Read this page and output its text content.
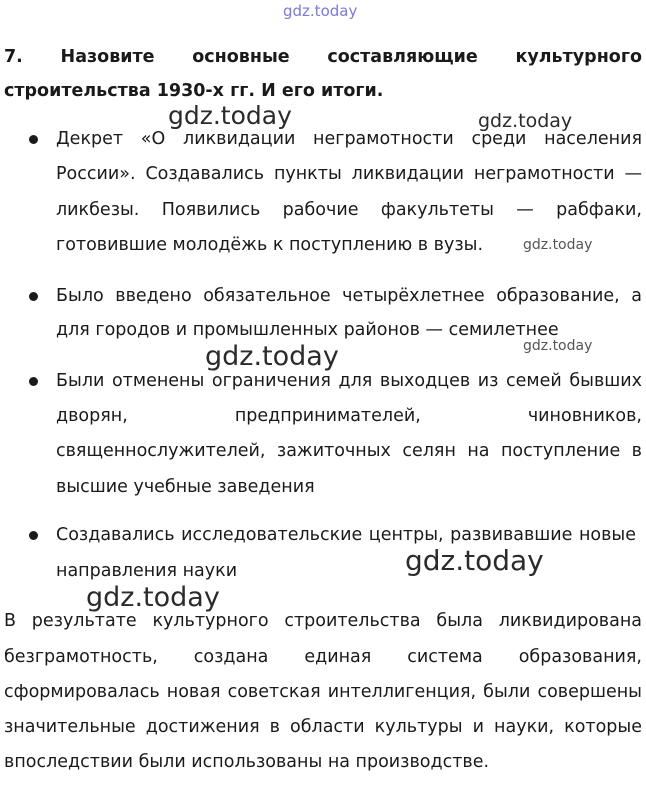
gdz.today
7. Назовите основные составляющие культурного
строительства 1930-х гг. И его итоги.
Декрет «О ликвидации неграмотности среди населения
России». Создавались пункты ликвидации неграмотности —
ликбезы. Появились рабочие факультеты — рабфаки,
готовившие молодёжь к поступлению в вузы.
Было введено обязательное четырёхлетнее образование, а
для городов и промышленных районов — семилетнее
Были отменены ограничения для выходцев из семей бывших
дворян, предпринимателей, чиновников,
священнослужителей, зажиточных селян на поступление в
высшие учебные заведения
Создавались исследовательские центры, развивавшие новые
направления науки
В результате культурного строительства была ликвидирована
безграмотность, создана единая система образования,
сформировалась новая советская интеллигенция, были совершены
значительные достижения в области культуры и науки, которые
впоследствии были использованы на производстве.
gdz.today	gdz.today
gdz.today
gdz.today
gdz.today
gdz.today
gdz.today
